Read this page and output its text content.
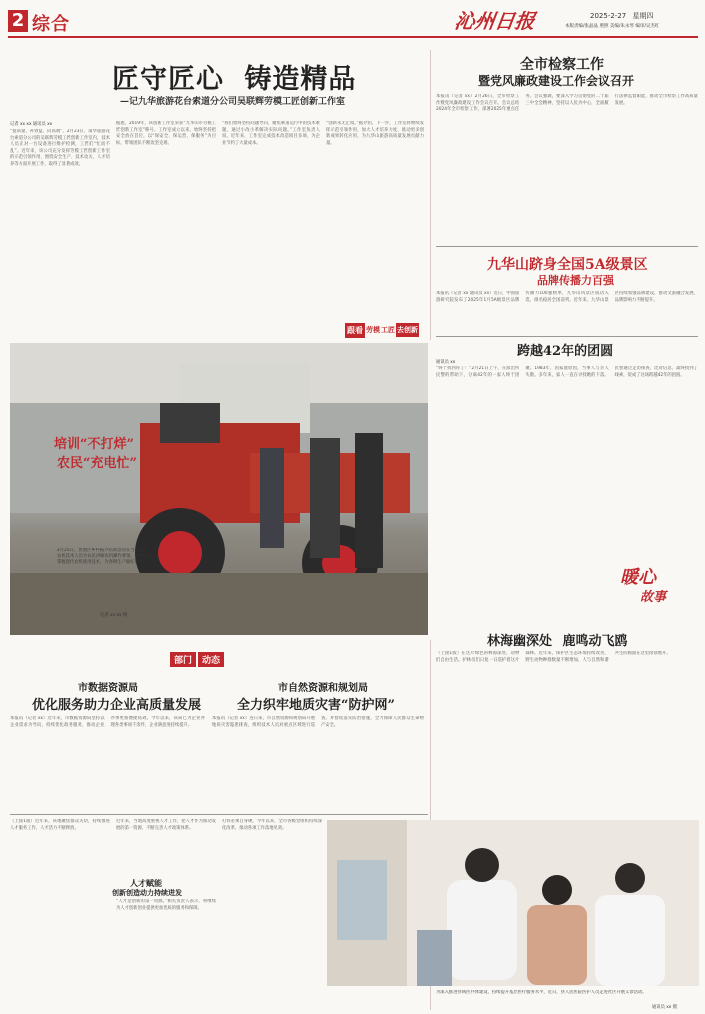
2 综合	沁州日报	2025-2-27 星期四
本版责编/张晶晶 照照 美编/朱永琴 编审/吴杰红
匠守匠心 铸造精品
—记九华旅游花台索道分公司吴联辉劳模工匠创新工作室
记者 xx xx 通讯员 xx
“提质量、补效益、向高端”，2月23日，南华旅游花台索道分公司的吴联辉劳模工匠创新工作室内，技术人员正对一台设备进行维护检测，工匠们“忙而不乱”。近年来，该公司充分发挥劳模工匠创新工作室的示范引领作用，围绕安全生产、技术攻关、人才培养等方面开展工作，取得了显著成效。
据悉，2019年，该创新工作室荣获“九华山市劳模工匠创新工作室”称号。工作室成立以来，始终坚持把安全放在首位，以“保安全、保运营、保服务”为目标，带领团队不断攻坚克难。
“我们始终坚持问题导向，聚焦索道运行中的技术难题，通过小改小革解决实际问题。”工作室负责人说。近年来，工作室完成技术改造项目多项，为企业节约了大量成本。
“创新永无止境。”据介绍，下一步，工作室将继续发挥示范引领作用，加大人才培养力度，推动更多创新成果转化应用，为九华山旅游高质量发展贡献力量。
跟看 劳模 工匠 去创新
培训“不打烊”
农民“充电忙”
2月25日，贵池区乡村振兴培训活动在当地开展，农机技术人员为农民讲解农机操作要领，帮助农民掌握现代农机使用技术，为春耕生产做好准备。
记者 xx xx 摄
全市检察工作
暨党风廉政建设工作会议召开
本报讯（记者 xx）2月26日，全市检察工作暨党风廉政建设工作会议召开。会议总结2024年全市检察工作，部署2025年重点任务。会议强调，要深入学习贯彻党的二十届三中全会精神，坚持以人民为中心，全面履行法律监督职能，推动全市检察工作高质量发展。
九华山跻身全国5A级景区
品牌传播力百强
本报讯（记者 xx 通讯员 xx）近日，中国旅游研究院发布了2025年1月5A级景区品牌传播力100强榜单，九华山风景区成功入选，排名稳居全国前列。近年来，九华山景区持续加强品牌建设，推动文旅融合发展，品牌影响力不断提升。
跨越42年的团圆
通讯员 xx
“终于找到你了！”2月21日上午，在派出所民警的帮助下，分离42年的一家人终于团聚。1983年，因家庭原因，当事人与亲人失散。多年来，家人一直在寻找她的下落。民警通过走访排查、比对信息，最终找到了线索，促成了这场跨越42年的团圆。
暖心
故事
部门	动态
市数据资源局
优化服务助力企业高质量发展
本报讯（记者 xx）近年来，市数据资源局坚持以企业需求为导向，持续优化政务服务，推动企业办事更加便捷高效。今年以来，该局已为企业办理各类事项千余件，企业满意度持续提升。
市自然资源和规划局
全力织牢地质灾害“防护网”
本报讯（记者 xx）连日来，市自然资源和规划局开展地质灾害隐患排查，组织技术人员对重点区域进行巡查，并督促落实防治措施，全力保障人民群众生命财产安全。
林海幽深处 鹿鸣动飞鸥
（上接1版）在这片绿色的林海深处，动物们自由生活。护林员们日复一日巡护着这片森林。近年来，保护区生态环境持续改善，野生动物种群数量不断增加，人与自然和谐共生的画面在这里徐徐展开。
（上接1版）近年来，该地聚焦群众关切，持续推进人才服务工作，人才活力不断释放。
人才赋能
创新创造动力持续迸发
近年来，当地高度重视人才工作，把人才作为推动发展的第一资源，不断完善人才政策体系。
“人才是创新的第一资源。”相关负责人表示，将继续为人才创新创业提供更加优质的服务和保障。
打铁必须自身硬。今年以来，全市各级党组织持续深化改革，推动各项工作落地见效。
为深入推进县域医共体建设，持续提升基层医疗服务水平，近日，县人民医院医护人员走进社区开展义诊活动。
通讯员 xx 摄
